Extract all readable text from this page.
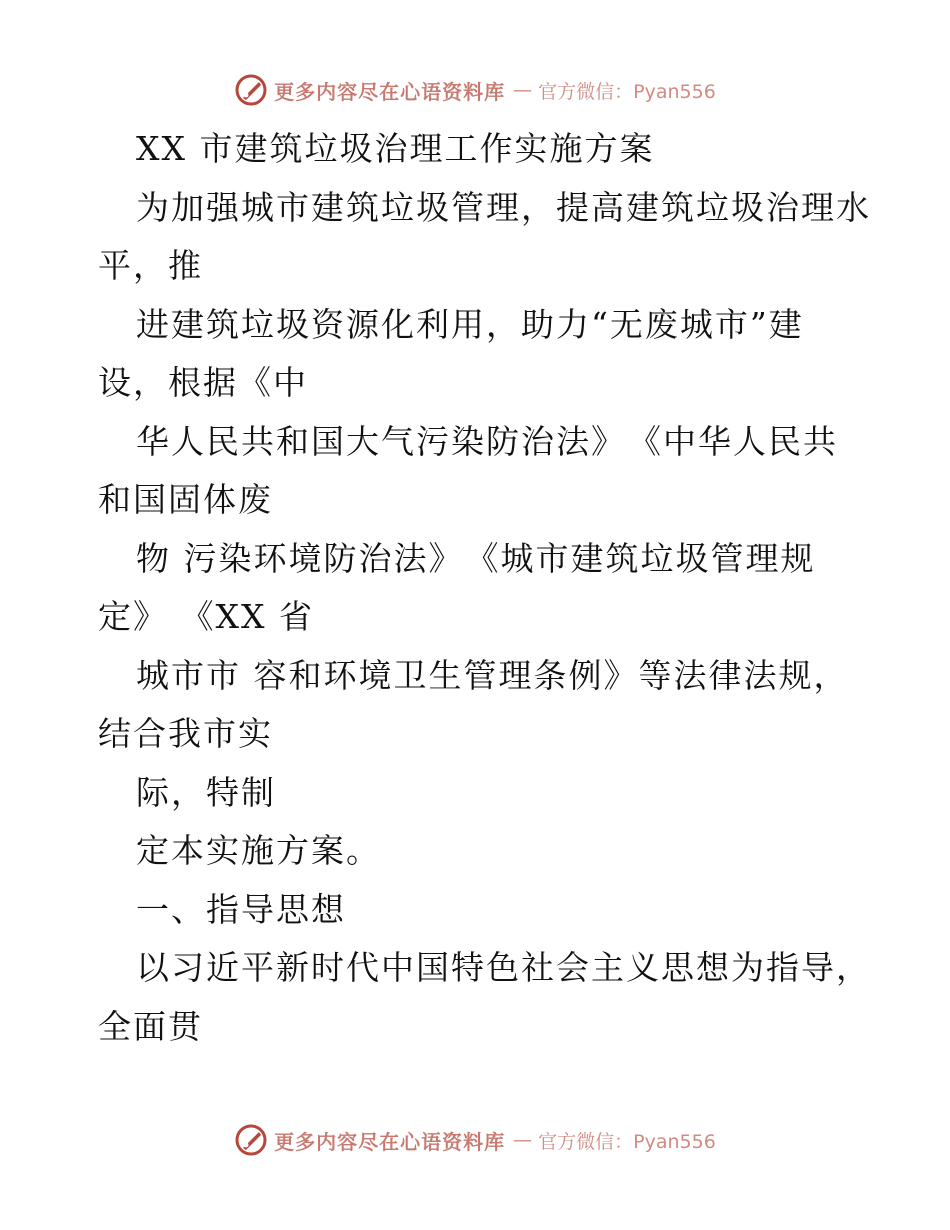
更多内容尽在心语资料库 — 官方微信：Pyan556
XX 市建筑垃圾治理工作实施方案
为加强城市建筑垃圾管理，提高建筑垃圾治理水
平，推
进建筑垃圾资源化利用，助力“无废城市”建
设，根据《中
华人民共和国大气污染防治法》　《中华人民共
和国固体废
物 污染环境防治法》　《城市建筑垃圾管理规
定》 《XX 省
城市市 容和环境卫生管理条例》等法律法规，
结合我市实
际，特制
定本实施方案。
一、指导思想
以习近平新时代中国特色社会主义思想为指导，
全面贯
更多内容尽在心语资料库 — 官方微信：Pyan556
